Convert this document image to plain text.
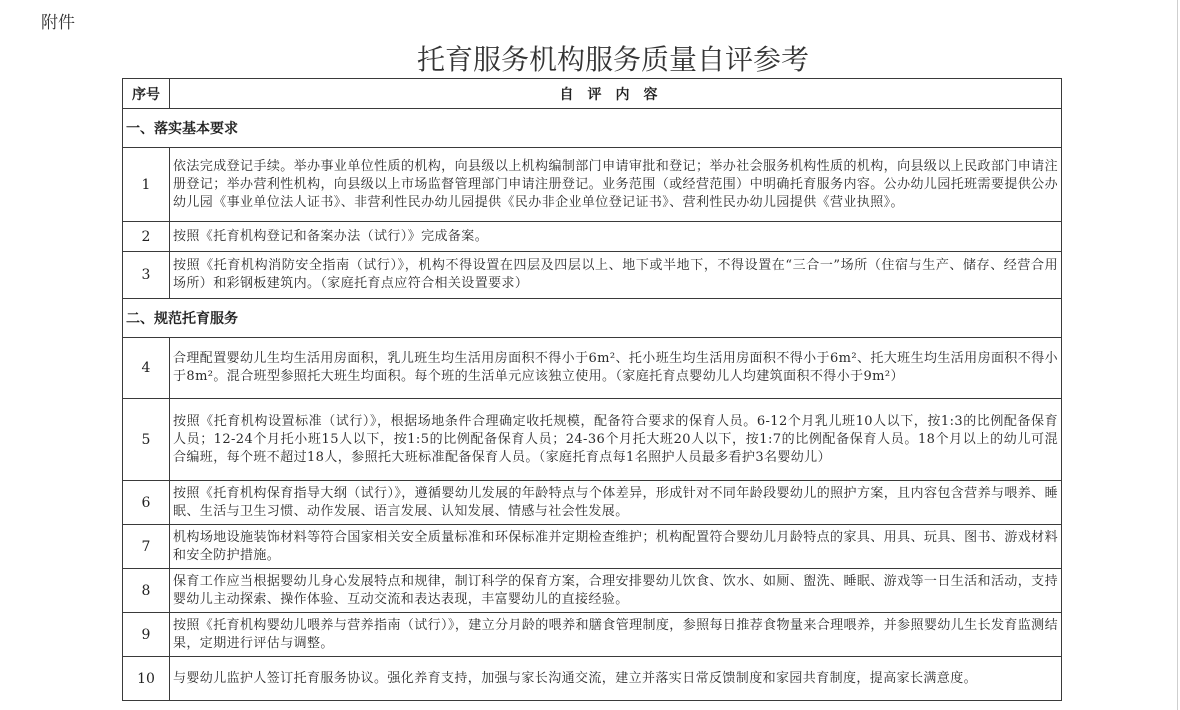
附件
托育服务机构服务质量自评参考
序号	自评内容
一、落实基本要求	
1	依法完成登记手续。举办事业单位性质的机构，向县级以上机构编制部门申请审批和登记；举办社会服务机构性质的机构，向县级以上民政部门申请注册登记；举办营利性机构，向县级以上市场监督管理部门申请注册登记。业务范围（或经营范围）中明确托育服务内容。公办幼儿园托班需要提供公办幼儿园《事业单位法人证书》、非营利性民办幼儿园提供《民办非企业单位登记证书》、营利性民办幼儿园提供《营业执照》。
2	按照《托育机构登记和备案办法（试行）》完成备案。
3	按照《托育机构消防安全指南（试行）》，机构不得设置在四层及四层以上、地下或半地下，不得设置在“三合一”场所（住宿与生产、储存、经营合用场所）和彩钢板建筑内。（家庭托育点应符合相关设置要求）
二、规范托育服务	
4	合理配置婴幼儿生均生活用房面积，乳儿班生均生活用房面积不得小于6m²、托小班生均生活用房面积不得小于6m²、托大班生均生活用房面积不得小于8m²。混合班型参照托大班生均面积。每个班的生活单元应该独立使用。（家庭托育点婴幼儿人均建筑面积不得小于9m²）
5	按照《托育机构设置标准（试行）》，根据场地条件合理确定收托规模，配备符合要求的保育人员。6-12个月乳儿班10人以下，按1:3的比例配备保育人员；12-24个月托小班15人以下，按1:5的比例配备保育人员；24-36个月托大班20人以下，按1:7的比例配备保育人员。18个月以上的幼儿可混合编班，每个班不超过18人，参照托大班标准配备保育人员。（家庭托育点每1名照护人员最多看护3名婴幼儿）
6	按照《托育机构保育指导大纲（试行）》，遵循婴幼儿发展的年龄特点与个体差异，形成针对不同年龄段婴幼儿的照护方案，且内容包含营养与喂养、睡眠、生活与卫生习惯、动作发展、语言发展、认知发展、情感与社会性发展。
7	机构场地设施装饰材料等符合国家相关安全质量标准和环保标准并定期检查维护；机构配置符合婴幼儿月龄特点的家具、用具、玩具、图书、游戏材料和安全防护措施。
8	保育工作应当根据婴幼儿身心发展特点和规律，制订科学的保育方案，合理安排婴幼儿饮食、饮水、如厕、盥洗、睡眠、游戏等一日生活和活动，支持婴幼儿主动探索、操作体验、互动交流和表达表现，丰富婴幼儿的直接经验。
9	按照《托育机构婴幼儿喂养与营养指南（试行）》，建立分月龄的喂养和膳食管理制度，参照每日推荐食物量来合理喂养，并参照婴幼儿生长发育监测结果，定期进行评估与调整。
10	与婴幼儿监护人签订托育服务协议。强化养育支持，加强与家长沟通交流，建立并落实日常反馈制度和家园共育制度，提高家长满意度。
